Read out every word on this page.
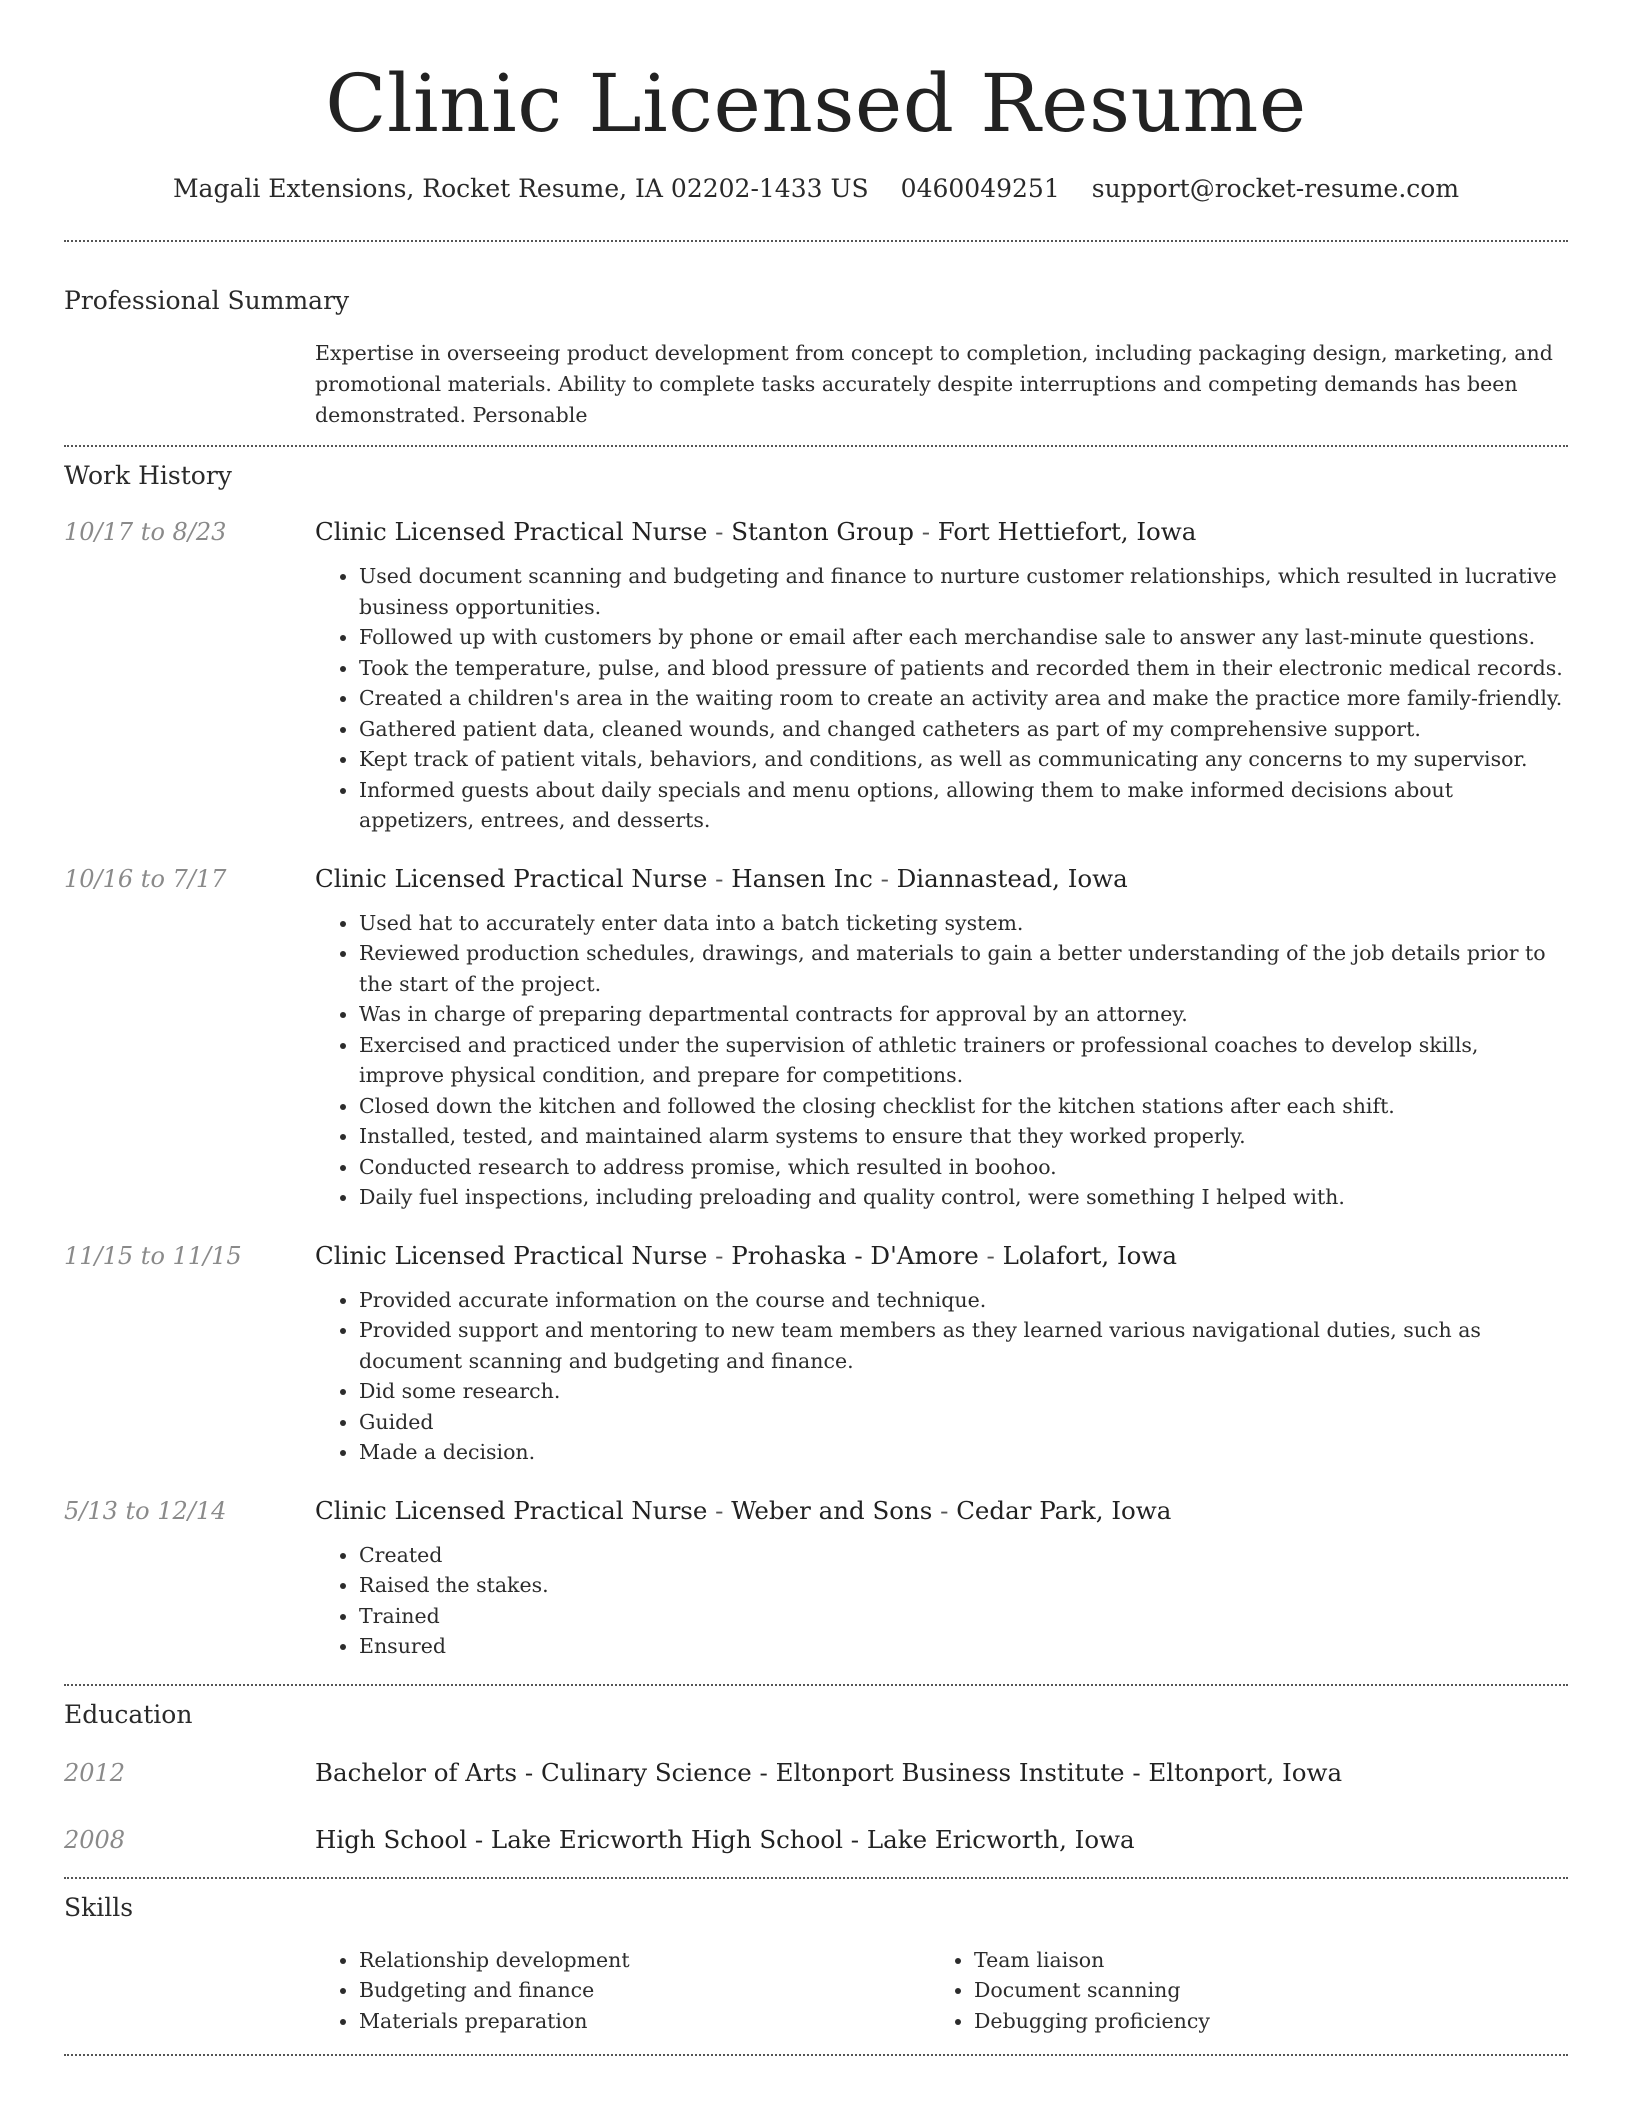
Clinic Licensed Resume
Magali Extensions, Rocket Resume, IA 02202-1433 US 0460049251 support@rocket-resume.com
Professional Summary
Expertise in overseeing product development from concept to completion, including packaging design, marketing, and promotional materials. Ability to complete tasks accurately despite interruptions and competing demands has been demonstrated. Personable
Work History
10/17 to 8/23	Clinic Licensed Practical Nurse - Stanton Group - Fort Hettiefort, Iowa
• Used document scanning and budgeting and finance to nurture customer relationships, which resulted in lucrative business opportunities.
• Followed up with customers by phone or email after each merchandise sale to answer any last-minute questions.
• Took the temperature, pulse, and blood pressure of patients and recorded them in their electronic medical records.
• Created a children's area in the waiting room to create an activity area and make the practice more family-friendly.
• Gathered patient data, cleaned wounds, and changed catheters as part of my comprehensive support.
• Kept track of patient vitals, behaviors, and conditions, as well as communicating any concerns to my supervisor.
• Informed guests about daily specials and menu options, allowing them to make informed decisions about appetizers, entrees, and desserts.
10/16 to 7/17	Clinic Licensed Practical Nurse - Hansen Inc - Diannastead, Iowa
• Used hat to accurately enter data into a batch ticketing system.
• Reviewed production schedules, drawings, and materials to gain a better understanding of the job details prior to the start of the project.
• Was in charge of preparing departmental contracts for approval by an attorney.
• Exercised and practiced under the supervision of athletic trainers or professional coaches to develop skills, improve physical condition, and prepare for competitions.
• Closed down the kitchen and followed the closing checklist for the kitchen stations after each shift.
• Installed, tested, and maintained alarm systems to ensure that they worked properly.
• Conducted research to address promise, which resulted in boohoo.
• Daily fuel inspections, including preloading and quality control, were something I helped with.
11/15 to 11/15	Clinic Licensed Practical Nurse - Prohaska - D'Amore - Lolafort, Iowa
• Provided accurate information on the course and technique.
• Provided support and mentoring to new team members as they learned various navigational duties, such as document scanning and budgeting and finance.
• Did some research.
• Guided
• Made a decision.
5/13 to 12/14	Clinic Licensed Practical Nurse - Weber and Sons - Cedar Park, Iowa
• Created
• Raised the stakes.
• Trained
• Ensured
Education
2012	Bachelor of Arts - Culinary Science - Eltonport Business Institute - Eltonport, Iowa
2008	High School - Lake Ericworth High School - Lake Ericworth, Iowa
Skills
• Relationship development
• Budgeting and finance
• Materials preparation
• Team liaison
• Document scanning
• Debugging proficiency
